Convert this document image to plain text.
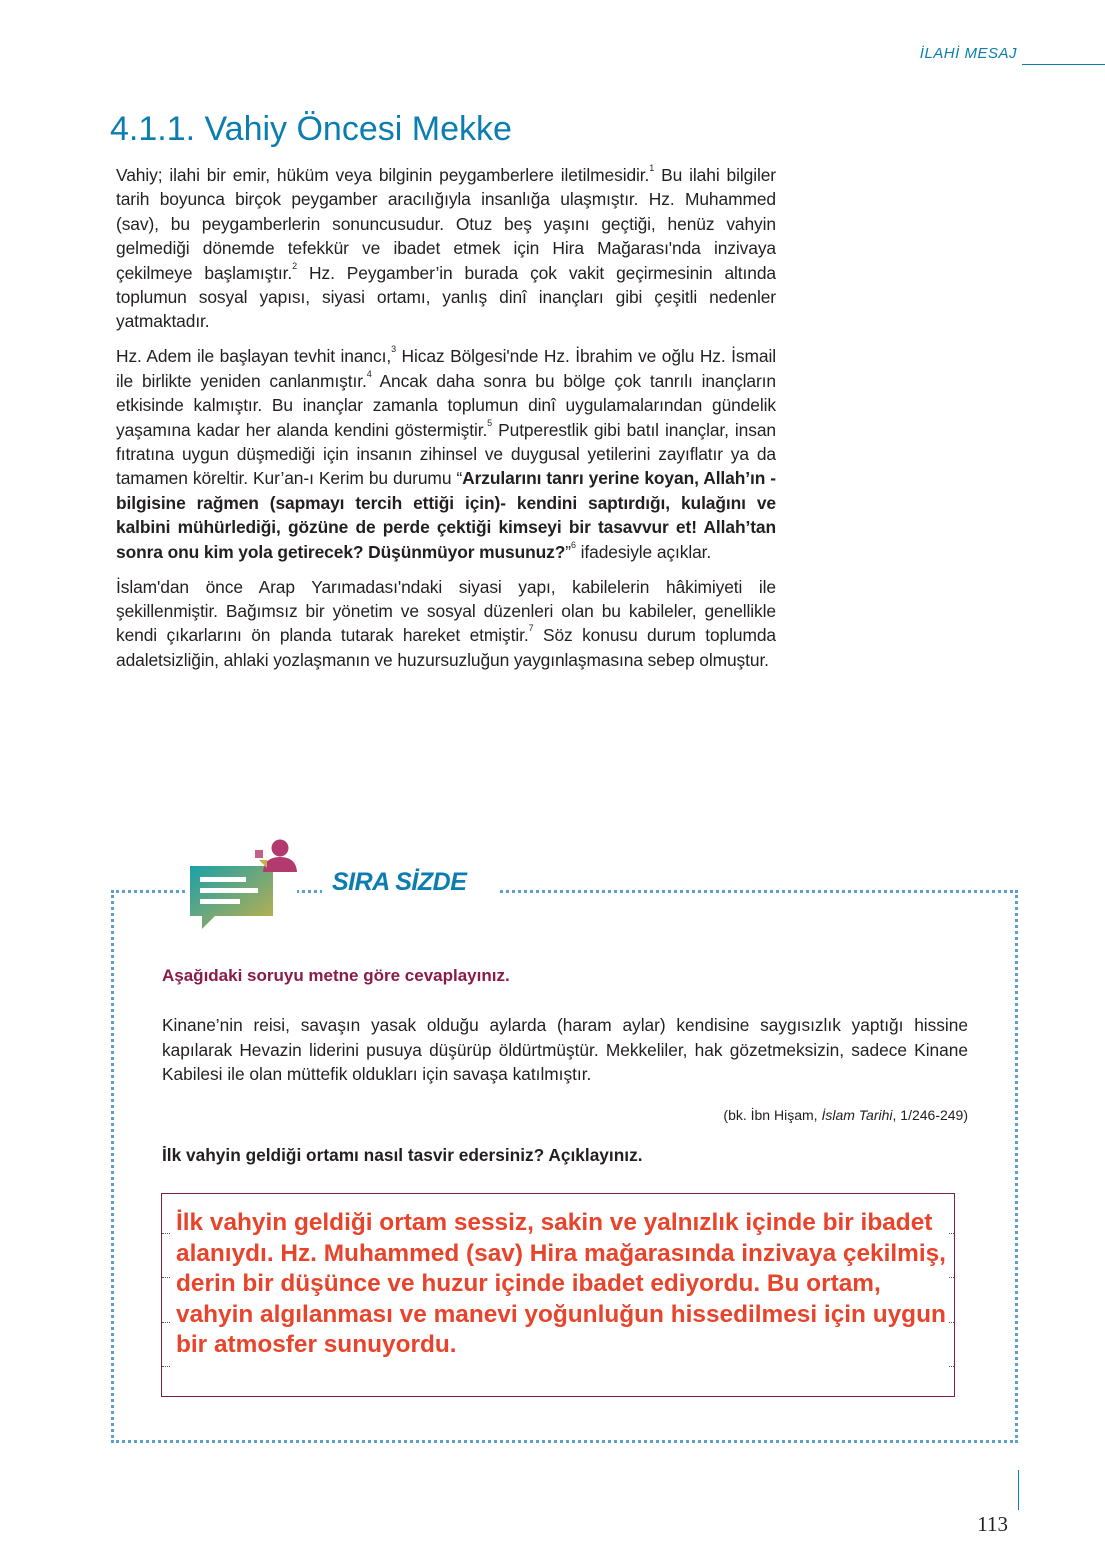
İLAHİ MESAJ
4.1.1. Vahiy Öncesi Mekke

Vahiy; ilahi bir emir, hüküm veya bilginin peygamberlere iletilmesidir.$^1$ Bu ilahi bilgiler tarih boyunca birçok peygamber aracılığıyla insanlığa ulaşmıştır. Hz. Muhammed (sav), bu peygamberlerin sonuncusudur. Otuz beş yaşını geçtiği, henüz vahyin gelmediği dönemde tefekkür ve ibadet etmek için Hira Mağarası'nda inzivaya çekilmeye başlamıştır.$^2$ Hz. Peygamber’in burada çok vakit geçirmesinin altında toplumun sosyal yapısı, siyasi ortamı, yanlış dinî inançları gibi çeşitli nedenler yatmaktadır.

Hz. Adem ile başlayan tevhit inancı,$^3$ Hicaz Bölgesi'nde Hz. İbrahim ve oğlu Hz. İsmail ile birlikte yeniden canlanmıştır.$^4$ Ancak daha sonra bu bölge çok tanrılı inançların etkisinde kalmıştır. Bu inançlar zamanla toplumun dinî uygulamalarından gündelik yaşamına kadar her alanda kendini göstermiştir.$^5$ Putperestlik gibi batıl inançlar, insan fıtratına uygun düşmediği için insanın zihinsel ve duygusal yetilerini zayıflatır ya da tamamen köreltir. Kur’an-ı Kerim bu durumu “Arzularını tanrı yerine koyan, Allah’ın -bilgisine rağmen (sapmayı tercih ettiği için)- kendini saptırdığı, kulağını ve kalbini mühürlediği, gözüne de perde çektiği kimseyi bir tasavvur et! Allah’tan sonra onu kim yola getirecek? Düşünmüyor musunuz?”$^6$ ifadesiyle açıklar.

İslam'dan önce Arap Yarımadası'ndaki siyasi yapı, kabilelerin hâkimiyeti ile şekillenmiştir. Bağımsız bir yönetim ve sosyal düzenleri olan bu kabileler, genellikle kendi çıkarlarını ön planda tutarak hareket etmiştir.$^7$ Söz konusu durum toplumda adaletsizliğin, ahlaki yozlaşmanın ve huzursuzluğun yaygınlaşmasına sebep olmuştur.

SIRA SİZDE

Aşağıdaki soruyu metne göre cevaplayınız.

Kinane’nin reisi, savaşın yasak olduğu aylarda (haram aylar) kendisine saygısızlık yaptığı hissine kapılarak Hevazin liderini pusuya düşürüp öldürtmüştür. Mekkeliler, hak gözetmeksizin, sadece Kinane Kabilesi ile olan müttefik oldukları için savaşa katılmıştır.

(bk. İbn Hişam, İslam Tarihi, 1/246-249)

İlk vahyin geldiği ortamı nasıl tasvir edersiniz? Açıklayınız.

İlk vahyin geldiği ortam sessiz, sakin ve yalnızlık içinde bir ibadet alanıydı. Hz. Muhammed (sav) Hira mağarasında inzivaya çekilmiş, derin bir düşünce ve huzur içinde ibadet ediyordu. Bu ortam, vahyin algılanması ve manevi yoğunluğun hissedilmesi için uygun bir atmosfer sunuyordu.

113
